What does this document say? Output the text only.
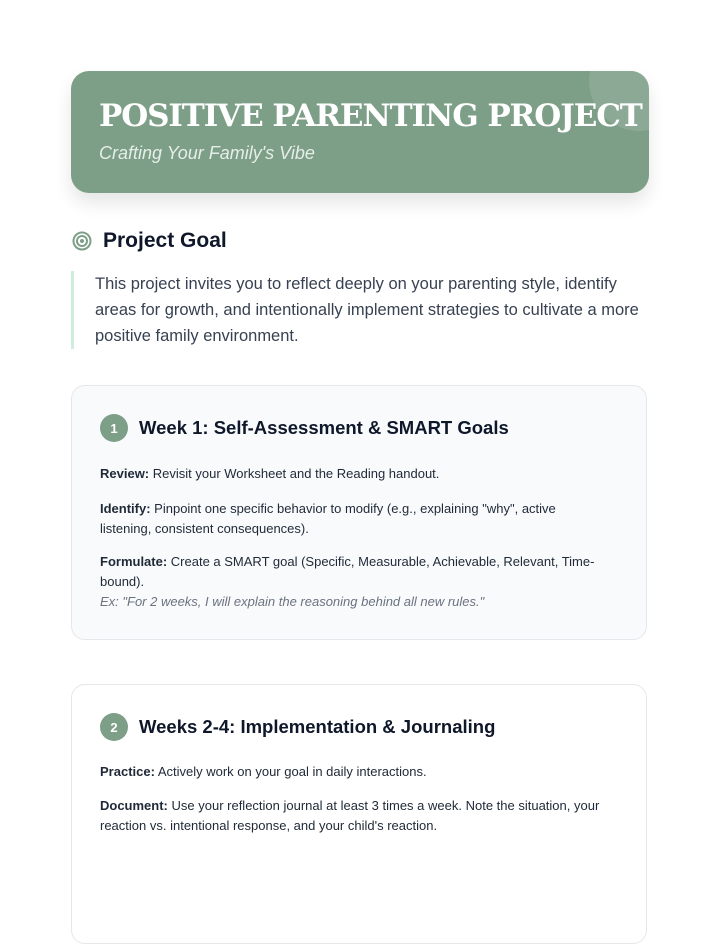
POSITIVE PARENTING PROJECT
Crafting Your Family's Vibe
Project Goal
This project invites you to reflect deeply on your parenting style, identify areas for growth, and intentionally implement strategies to cultivate a more positive family environment.
1	Week 1: Self-Assessment & SMART Goals
Review: Revisit your Worksheet and the Reading handout.
Identify: Pinpoint one specific behavior to modify (e.g., explaining "why", active listening, consistent consequences).
Formulate: Create a SMART goal (Specific, Measurable, Achievable, Relevant, Time-bound).
Ex: "For 2 weeks, I will explain the reasoning behind all new rules."
2	Weeks 2-4: Implementation & Journaling
Practice: Actively work on your goal in daily interactions.
Document: Use your reflection journal at least 3 times a week. Note the situation, your reaction vs. intentional response, and your child's reaction.
